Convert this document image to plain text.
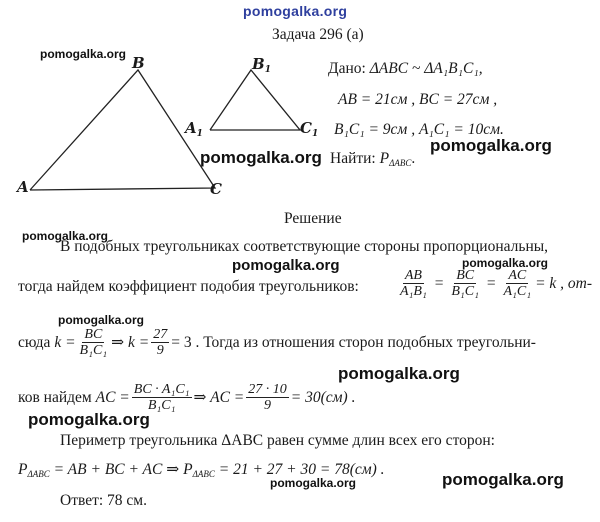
pomogalka.org
A
B
C
$A_1$
$B_1$
$C_1$
Задача 296 (а)
Дано: ΔABC ~ ΔA₁B₁C₁,
AB = 21см , BC = 27см ,
B₁C₁ = 9см , A₁C₁ = 10см.
Найти: $P_{\Delta ABC}$.
Решение
В подобных треугольниках соответствующие стороны пропорциональны,
тогда найдем коэффициент подобия треугольников:	$\frac{AB}{\text{A₁B₁}} = \frac{BC}{\text{B₁C₁}} = \frac{AC}{\text{A₁C₁}} = k$ , от-
сюда
$k = \frac{BC}{\text{B₁C₁}}$ ⇒ $k = \frac{27}{9} = 3$ . Тогда из отношения сторон подобных треугольни-
ков найдем
AC = $\frac{\text{BC · A₁C₁}}{\text{B₁C₁}}$ ⇒ AC = $\frac{27 \cdot 10}{9} = 30(см)$ .
Периметр треугольника ΔABC равен сумме длин всех его сторон:
$P_{\Delta ABC}$ = AB + BC + AC ⇒ $P_{\Delta ABC} = 21 + 27 + 30 = 78(см)$ .
Ответ: 78 см.
pomogalka.org
pomogalka.org
pomogalka.org
pomogalka.org
pomogalka.org	pomogalka.org
pomogalka.org
pomogalka.org
pomogalka.org
pomogalka.org	pomogalka.org
